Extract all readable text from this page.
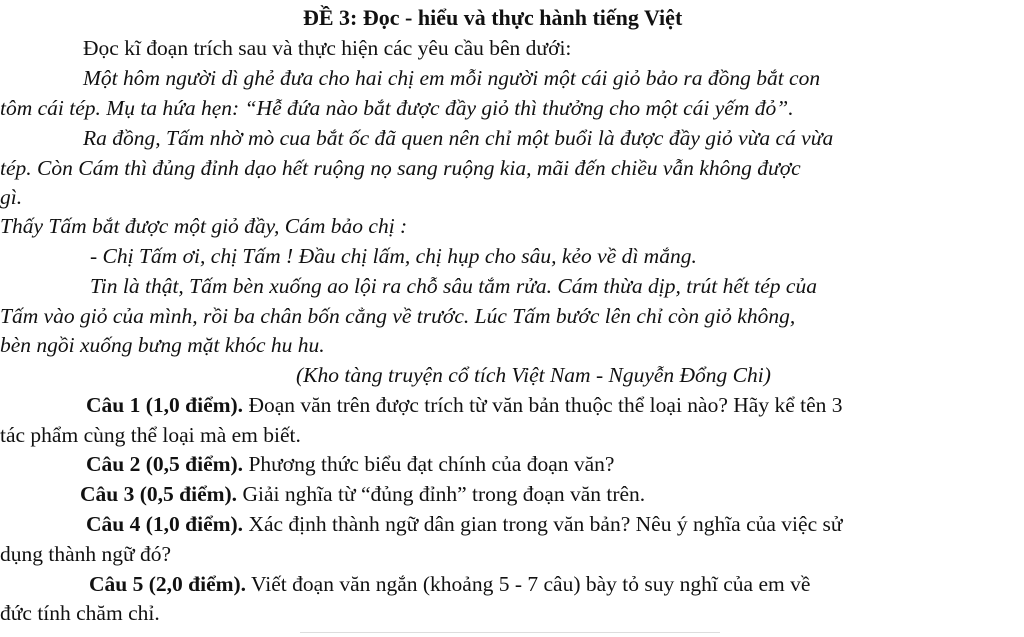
ĐỀ 3: Đọc - hiểu và thực hành tiếng Việt
Đọc kĩ đoạn trích sau và thực hiện các yêu cầu bên dưới:
Một hôm người dì ghẻ đưa cho hai chị em mỗi người một cái giỏ bảo ra đồng bắt con
tôm cái tép. Mụ ta hứa hẹn: “Hễ đứa nào bắt được đầy giỏ thì thưởng cho một cái yếm đỏ”.
Ra đồng, Tấm nhờ mò cua bắt ốc đã quen nên chỉ một buổi là được đầy giỏ vừa cá vừa
tép. Còn Cám thì đủng đỉnh dạo hết ruộng nọ sang ruộng kia, mãi đến chiều vẫn không được
gì.
Thấy Tấm bắt được một giỏ đầy, Cám bảo chị :
- Chị Tấm ơi, chị Tấm ! Đầu chị lấm, chị hụp cho sâu, kẻo về dì mắng.
Tin là thật, Tấm bèn xuống ao lội ra chỗ sâu tắm rửa. Cám thừa dịp, trút hết tép của
Tấm vào giỏ của mình, rồi ba chân bốn cẳng về trước. Lúc Tấm bước lên chỉ còn giỏ không,
bèn ngồi xuống bưng mặt khóc hu hu.
(Kho tàng truyện cổ tích Việt Nam - Nguyễn Đổng Chi)
Câu 1 (1,0 điểm). Đoạn văn trên được trích từ văn bản thuộc thể loại nào? Hãy kể tên 3
tác phẩm cùng thể loại mà em biết.
Câu 2 (0,5 điểm). Phương thức biểu đạt chính của đoạn văn?
Câu 3 (0,5 điểm). Giải nghĩa từ “đủng đỉnh” trong đoạn văn trên.
Câu 4 (1,0 điểm). Xác định thành ngữ dân gian trong văn bản? Nêu ý nghĩa của việc sử
dụng thành ngữ đó?
Câu 5 (2,0 điểm). Viết đoạn văn ngắn (khoảng 5 - 7 câu) bày tỏ suy nghĩ của em về
đức tính chăm chỉ.
